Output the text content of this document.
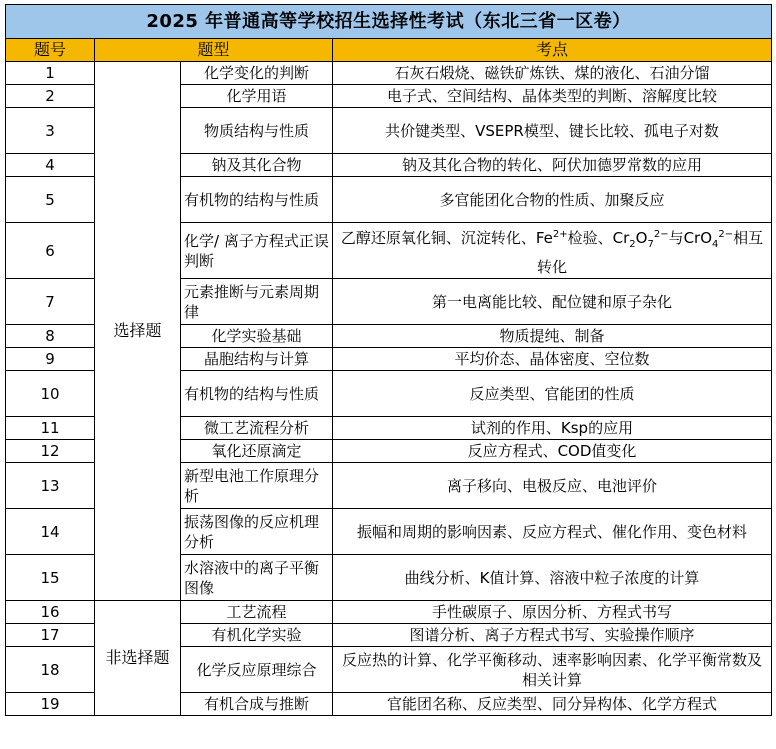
2025 年普通高等学校招生选择性考试（东北三省一区卷）			
题号	题型		考点
1	选择题	化学变化的判断	石灰石煅烧、磁铁矿炼铁、煤的液化、石油分馏
2		化学用语	电子式、空间结构、晶体类型的判断、溶解度比较
3		物质结构与性质	共价键类型、VSEPR模型、键长比较、孤电子对数
4		钠及其化合物	钠及其化合物的转化、阿伏加德罗常数的应用
5		有机物的结构与性质	多官能团化合物的性质、加聚反应
6		化学/ 离子方程式正误判断	乙醇还原氧化铜、沉淀转化、$Fe^{2+}$检验、$Cr_2O_7^{2-}$与CrO$_4^{2-}$相互转化
7		元素推断与元素周期律	第一电离能比较、配位键和原子杂化
8		化学实验基础	物质提纯、制备
9		晶胞结构与计算	平均价态、晶体密度、空位数
10		有机物的结构与性质	反应类型、官能团的性质
11		微工艺流程分析	试剂的作用、Ksp的应用
12		氧化还原滴定	反应方程式、COD值变化
13		新型电池工作原理分析	离子移向、电极反应、电池评价
14		振荡图像的反应机理分析	振幅和周期的影响因素、反应方程式、催化作用、变色材料
15		水溶液中的离子平衡图像	曲线分析、K值计算、溶液中粒子浓度的计算
16	非选择题	工艺流程	手性碳原子、原因分析、方程式书写
17		有机化学实验	图谱分析、离子方程式书写、实验操作顺序
18		化学反应原理综合	反应热的计算、化学平衡移动、速率影响因素、化学平衡常数及相关计算
19		有机合成与推断	官能团名称、反应类型、同分异构体、化学方程式
